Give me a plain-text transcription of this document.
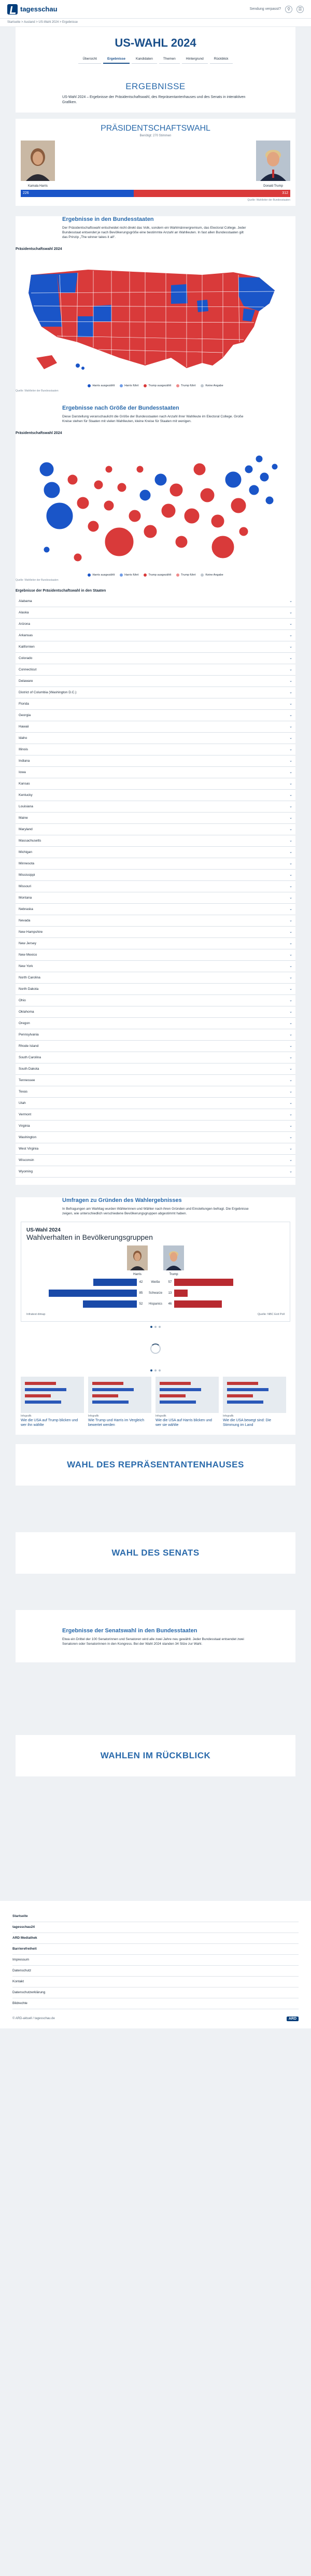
tagesschau	Sendung verpasst?	⚲	☰
Startseite > Ausland > US-Wahl 2024 > Ergebnisse
US-WAHL 2024
Übersicht	Ergebnisse	Kandidaten	Themen	Hintergrund	Rückblick
ERGEBNISSE

US-Wahl 2024 – Ergebnisse der Präsidentschaftswahl, des Repräsentantenhauses und des Senats in interaktiven Grafiken.

PRÄSIDENTSCHAFTSWAHL
Benötigt: 270 Stimmen
Kamala Harris	Donald Trump
226	312
Quelle: Wahlleiter der Bundesstaaten
Ergebnisse in den Bundesstaaten

Der Präsidentschaftswahl entscheidet nicht direkt das Volk, sondern ein Wahlmännergremium, das Electoral College. Jeder Bundesstaat entsendet je nach Bevölkerungsgröße eine bestimmte Anzahl an Wahlleuten. In fast allen Bundesstaaten gilt das Prinzip „The winner takes it all“.

Präsidentschaftswahl 2024
Harris ausgezählt	Harris führt	Trump ausgezählt	Trump führt	Keine Angabe
Quelle: Wahlleiter der Bundesstaaten
Ergebnisse nach Größe der Bundesstaaten

Diese Darstellung veranschaulicht die Größe der Bundesstaaten nach Anzahl ihrer Wahlleute im Electoral College. Große Kreise stehen für Staaten mit vielen Wahlleuten, kleine Kreise für Staaten mit wenigen.

Präsidentschaftswahl 2024
Harris ausgezählt	Harris führt	Trump ausgezählt	Trump führt	Keine Angabe
Quelle: Wahlleiter der Bundesstaaten
Ergebnisse der Präsidentschaftswahl in den Staaten
Alabama	⌄
Alaska	⌄
Arizona	⌄
Arkansas	⌄
Kalifornien	⌄
Colorado	⌄
Connecticut	⌄
Delaware	⌄
District of Columbia (Washington D.C.)	⌄
Florida	⌄
Georgia	⌄
Hawaii	⌄
Idaho	⌄
Illinois	⌄
Indiana	⌄
Iowa	⌄
Kansas	⌄
Kentucky	⌄
Louisiana	⌄
Maine	⌄
Maryland	⌄
Massachusetts	⌄
Michigan	⌄
Minnesota	⌄
Mississippi	⌄
Missouri	⌄
Montana	⌄
Nebraska	⌄
Nevada	⌄
New Hampshire	⌄
New Jersey	⌄
New Mexico	⌄
New York	⌄
North Carolina	⌄
North Dakota	⌄
Ohio	⌄
Oklahoma	⌄
Oregon	⌄
Pennsylvania	⌄
Rhode Island	⌄
South Carolina	⌄
South Dakota	⌄
Tennessee	⌄
Texas	⌄
Utah	⌄
Vermont	⌄
Virginia	⌄
Washington	⌄
West Virginia	⌄
Wisconsin	⌄
Wyoming	⌄
Umfragen zu Gründen des Wahlergebnisses

In Befragungen am Wahltag wurden Wählerinnen und Wähler nach ihren Gründen und Einstellungen befragt. Die Ergebnisse zeigen, wie unterschiedlich verschiedene Bevölkerungsgruppen abgestimmt haben.

US-Wahl 2024
Wahlverhalten in Bevölkerungsgruppen
Harris	Trump
42	Weiße	57
85	Schwarze	13
52	Hispanics	46
Infratest dimap	Quelle: NBC Exit Poll
Infografik
Wie die USA auf Trump blicken und wer ihn wählte
Infografik
Wie Trump und Harris im Vergleich bewertet werden
Infografik
Wie die USA auf Harris blicken und wer sie wählte
Infografik
Wie die USA bewegt sind: Die Stimmung im Land
WAHL DES REPRÄSENTANTENHAUSES
WAHL DES SENATS
Ergebnisse der Senatswahl in den Bundesstaaten

Etwa ein Drittel der 100 Senatorinnen und Senatoren wird alle zwei Jahre neu gewählt. Jeder Bundesstaat entsendet zwei Senatoren oder Senatorinnen in den Kongress. Bei der Wahl 2024 standen 34 Sitze zur Wahl.

WAHLEN IM RÜCKBLICK
Startseite
tagesschau24
ARD Mediathek
Barrierefreiheit
Impressum
Datenschutz
Kontakt
Datenschutzerklärung
Bildrechte
© ARD-aktuell / tagesschau.de	ARD
